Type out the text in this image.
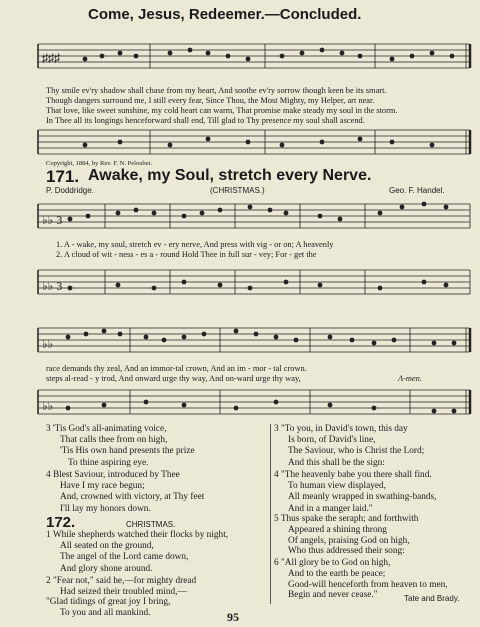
Come, Jesus, Redeemer.—Concluded.
♯♯♯
Thy smile ev'ry shadow shall chase from my heart, And soothe ev'ry sorrow though keen be its smart.
Though dangers surround me, I still every fear, Since Thou, the Most Mighty, my Helper, art near.
That love, like sweet sunshine, my cold heart can warm, That promise make steady my soul in the storm.
In Thee all its longings henceforward shall end, Till glad to Thy presence my soul shall ascend.
Copyright, 1884, by Rev. F. N. Peloubet.
171. Awake, my Soul, stretch every Nerve.
P. Doddridge.	(CHRISTMAS.)	Geo. F. Handel.
♭♭ 3
1. A - wake, my soul, stretch ev - ery nerve, And press with vig - or on; A heavenly
2. A cloud of wit - ness - es a - round Hold Thee in full sur - vey; For - get the
♭♭ 3
♭♭
race demands thy zeal, And an immor-tal crown, And an im - mor - tal crown.
steps al-read - y trod, And onward urge thy way, And on-ward urge thy way,	A-men.
♭♭
3 'Tis God's all-animating voice,
That calls thee from on high,
'Tis His own hand presents the prize
To thine aspiring eye.
4 Blest Saviour, introduced by Thee
Have I my race begun;
And, crowned with victory, at Thy feet
I'll lay my honors down.
172.	CHRISTMAS.
1 While shepherds watched their flocks by night,
All seated on the ground,
The angel of the Lord came down,
And glory shone around.
2 "Fear not," said he,—for mighty dread
Had seized their troubled mind,—
"Glad tidings of great joy I bring,
To you and all mankind.
3 "To you, in David's town, this day
Is born, of David's line,
The Saviour, who is Christ the Lord;
And this shall be the sign:
4 "The heavenly babe you there shall find.
To human view displayed,
All meanly wrapped in swathing-bands,
And in a manger laid."
5 Thus spake the seraph; and forthwith
Appeared a shining throng
Of angels, praising God on high,
Who thus addressed their song:
6 "All glory be to God on high,
And to the earth be peace;
Good-will henceforth from heaven to men,
Begin and never cease."	Tate and Brady.
95
